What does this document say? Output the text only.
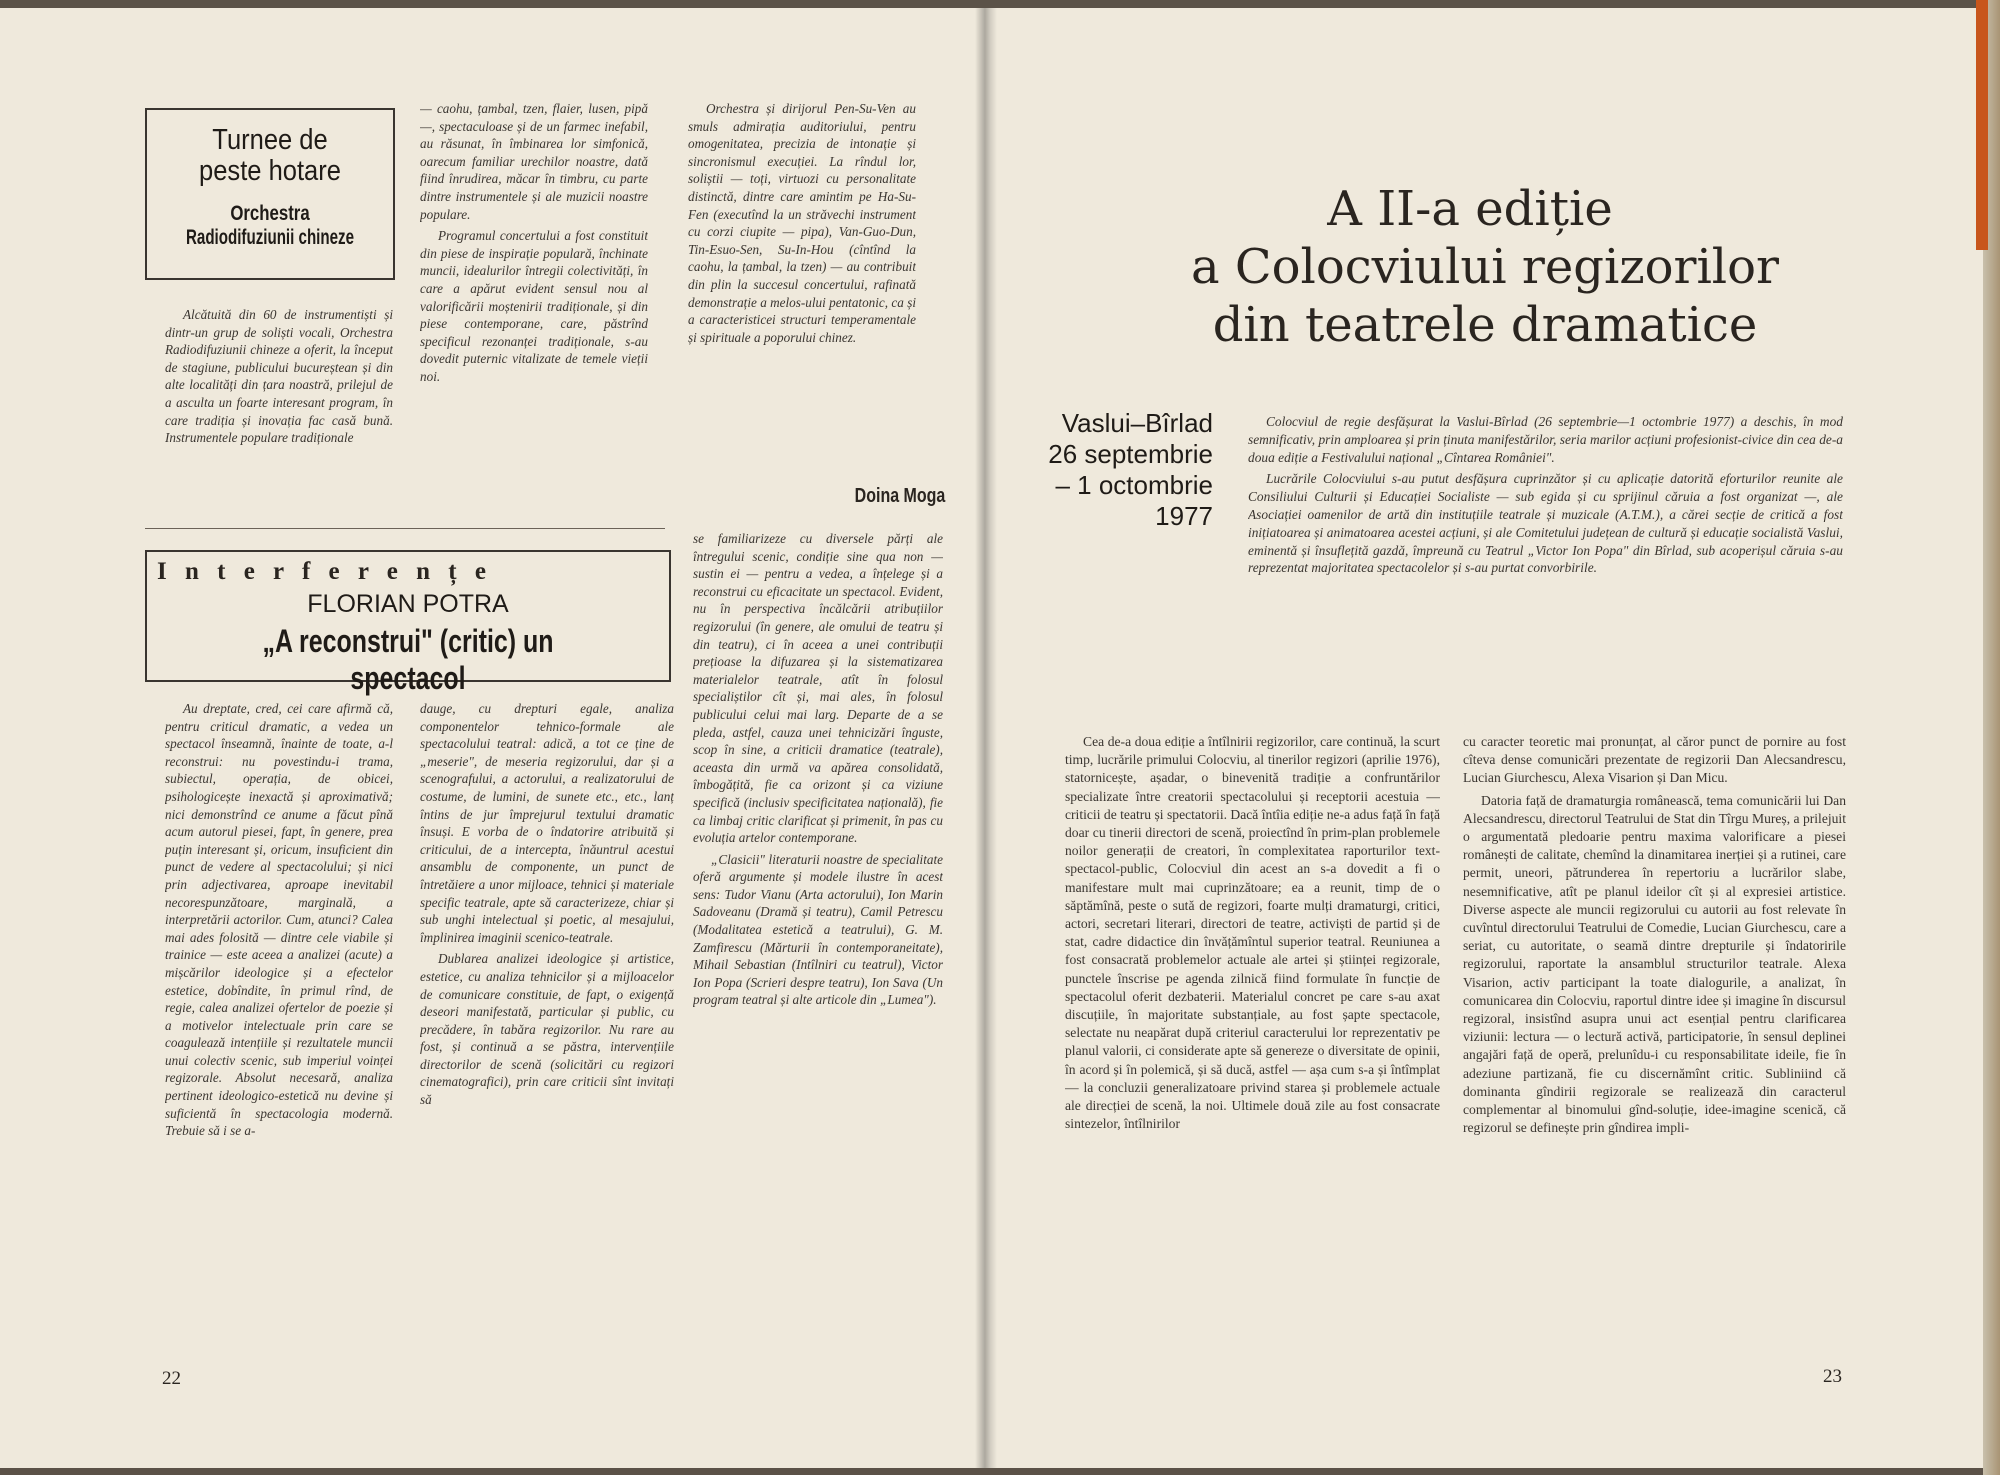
Turnee de
peste hotare
Orchestra
Radiodifuziunii chineze

Alcătuită din 60 de instrumentiști și dintr-un grup de soliști vocali, Orchestra Radiodifuziunii chineze a oferit, la început de stagiune, publicului bucureștean și din alte localități din țara noastră, prilejul de a asculta un foarte interesant program, în care tradiția și inovația fac casă bună. Instrumentele populare tradiționale

— caohu, țambal, tzen, flaier, lusen, pipă —, spectaculoase și de un farmec inefabil, au răsunat, în îmbinarea lor simfonică, oarecum familiar urechilor noastre, dată fiind înrudirea, măcar în timbru, cu parte dintre instrumentele și ale muzicii noastre populare.

Programul concertului a fost constituit din piese de inspirație populară, închinate muncii, idealurilor întregii colectivități, în care a apărut evident sensul nou al valorificării moștenirii tradiționale, și din piese contemporane, care, păstrînd specificul rezonanței tradiționale, s-au dovedit puternic vitalizate de temele vieții noi.

Orchestra și dirijorul Pen-Su-Ven au smuls admirația auditoriului, pentru omogenitatea, precizia de intonație și sincronismul execuției. La rîndul lor, soliștii — toți, virtuozi cu personalitate distinctă, dintre care amintim pe Ha-Su-Fen (executînd la un străvechi instrument cu corzi ciupite — pipa), Van-Guo-Dun, Tin-Esuo-Sen, Su-In-Hou (cîntînd la caohu, la țambal, la tzen) — au contribuit din plin la succesul concertului, rafinată demonstrație a melos-ului pentatonic, ca și a caracteristicei structuri temperamentale și spirituale a poporului chinez.

Doina Moga
I n t e r f e r e n ț e
FLORIAN POTRA
„A reconstrui" (critic) un spectacol

Au dreptate, cred, cei care afirmă că, pentru criticul dramatic, a vedea un spectacol înseamnă, înainte de toate, a-l reconstrui: nu povestindu-i trama, subiectul, operația, de obicei, psihologicește inexactă și aproximativă; nici demonstrînd ce anume a făcut pînă acum autorul piesei, fapt, în genere, prea puțin interesant și, oricum, insuficient din punct de vedere al spectacolului; și nici prin adjectivarea, aproape inevitabil necorespunzătoare, marginală, a interpretării actorilor. Cum, atunci? Calea mai ades folosită — dintre cele viabile și trainice — este aceea a analizei (acute) a mișcărilor ideologice și a efectelor estetice, dobîndite, în primul rînd, de regie, calea analizei ofertelor de poezie și a motivelor intelectuale prin care se coagulează intențiile și rezultatele muncii unui colectiv scenic, sub imperiul voinței regizorale. Absolut necesară, analiza pertinent ideologico-estetică nu devine și suficientă în spectacologia modernă. Trebuie să i se a-

dauge, cu drepturi egale, analiza componentelor tehnico-formale ale spectacolului teatral: adică, a tot ce ține de „meserie", de meseria regizorului, dar și a scenografului, a actorului, a realizatorului de costume, de lumini, de sunete etc., etc., lanț întins de jur împrejurul textului dramatic însuși. E vorba de o îndatorire atribuită și criticului, de a intercepta, înăuntrul acestui ansamblu de componente, un punct de întretăiere a unor mijloace, tehnici și materiale specific teatrale, apte să caracterizeze, chiar și sub unghi intelectual și poetic, al mesajului, împlinirea imaginii scenico-teatrale.

Dublarea analizei ideologice și artistice, estetice, cu analiza tehnicilor și a mijloacelor de comunicare constituie, de fapt, o exigență deseori manifestată, particular și public, cu precădere, în tabăra regizorilor. Nu rare au fost, și continuă a se păstra, intervențiile directorilor de scenă (solicitări cu regizori cinematografici), prin care criticii sînt invitați să

se familiarizeze cu diversele părți ale întregului scenic, condiție sine qua non — sustin ei — pentru a vedea, a înțelege și a reconstrui cu eficacitate un spectacol. Evident, nu în perspectiva încălcării atribuțiilor regizorului (în genere, ale omului de teatru și din teatru), ci în aceea a unei contribuții prețioase la difuzarea și la sistematizarea materialelor teatrale, atît în folosul specialiștilor cît și, mai ales, în folosul publicului celui mai larg. Departe de a se pleda, astfel, cauza unei tehnicizări înguste, scop în sine, a criticii dramatice (teatrale), aceasta din urmă va apărea consolidată, îmbogățită, fie ca orizont și ca viziune specifică (inclusiv specificitatea națională), fie ca limbaj critic clarificat și primenit, în pas cu evoluția artelor contemporane.

„Clasicii" literaturii noastre de specialitate oferă argumente și modele ilustre în acest sens: Tudor Vianu (Arta actorului), Ion Marin Sadoveanu (Dramă și teatru), Camil Petrescu (Modalitatea estetică a teatrului), G. M. Zamfirescu (Mărturii în contemporaneitate), Mihail Sebastian (Intîlniri cu teatrul), Victor Ion Popa (Scrieri despre teatru), Ion Sava (Un program teatral și alte articole din „Lumea").

22
A II-a ediție
a Colocviului regizorilor
din teatrele dramatice
Vaslui–Bîrlad
26 septembrie
– 1 octombrie
1977

Colocviul de regie desfășurat la Vaslui-Bîrlad (26 septembrie—1 octombrie 1977) a deschis, în mod semnificativ, prin amploarea și prin ținuta manifestărilor, seria marilor acțiuni profesionist-civice din cea de-a doua ediție a Festivalului național „Cîntarea României".

Lucrările Colocviului s-au putut desfășura cuprinzător și cu aplicație datorită eforturilor reunite ale Consiliului Culturii și Educației Socialiste — sub egida și cu sprijinul căruia a fost organizat —, ale Asociației oamenilor de artă din instituțiile teatrale și muzicale (A.T.M.), a cărei secție de critică a fost inițiatoarea și animatoarea acestei acțiuni, și ale Comitetului județean de cultură și educație socialistă Vaslui, eminentă și însuflețită gazdă, împreună cu Teatrul „Victor Ion Popa" din Bîrlad, sub acoperișul căruia s-au reprezentat majoritatea spectacolelor și s-au purtat convorbirile.

Cea de-a doua ediție a întîlnirii regizorilor, care continuă, la scurt timp, lucrările primului Colocviu, al tinerilor regizori (aprilie 1976), statornicește, așadar, o binevenită tradiție a confruntărilor specializate între creatorii spectacolului și receptorii acestuia — criticii de teatru și spectatorii. Dacă întîia ediție ne-a adus față în față doar cu tinerii directori de scenă, proiectînd în prim-plan problemele noilor generații de creatori, în complexitatea raporturilor text-spectacol-public, Colocviul din acest an s-a dovedit a fi o manifestare mult mai cuprinzătoare; ea a reunit, timp de o săptămînă, peste o sută de regizori, foarte mulți dramaturgi, critici, actori, secretari literari, directori de teatre, activiști de partid și de stat, cadre didactice din învățămîntul superior teatral. Reuniunea a fost consacrată problemelor actuale ale artei și științei regizorale, punctele înscrise pe agenda zilnică fiind formulate în funcție de spectacolul oferit dezbaterii. Materialul concret pe care s-au axat discuțiile, în majoritate substanțiale, au fost șapte spectacole, selectate nu neapărat după criteriul caracterului lor reprezentativ pe planul valorii, ci considerate apte să genereze o diversitate de opinii, în acord și în polemică, și să ducă, astfel — așa cum s-a și întîmplat — la concluzii generalizatoare privind starea și problemele actuale ale direcției de scenă, la noi. Ultimele două zile au fost consacrate sintezelor, întîlnirilor

cu caracter teoretic mai pronunțat, al căror punct de pornire au fost cîteva dense comunicări prezentate de regizorii Dan Alecsandrescu, Lucian Giurchescu, Alexa Visarion și Dan Micu.

Datoria față de dramaturgia românească, tema comunicării lui Dan Alecsandrescu, directorul Teatrului de Stat din Tîrgu Mureș, a prilejuit o argumentată pledoarie pentru maxima valorificare a piesei românești de calitate, chemînd la dinamitarea inerției și a rutinei, care permit, uneori, pătrunderea în repertoriu a lucrărilor slabe, nesemnificative, atît pe planul ideilor cît și al expresiei artistice. Diverse aspecte ale muncii regizorului cu autorii au fost relevate în cuvîntul directorului Teatrului de Comedie, Lucian Giurchescu, care a seriat, cu autoritate, o seamă dintre drepturile și îndatoririle regizorului, raportate la ansamblul structurilor teatrale. Alexa Visarion, activ participant la toate dialogurile, a analizat, în comunicarea din Colocviu, raportul dintre idee și imagine în discursul regizoral, insistînd asupra unui act esențial pentru clarificarea viziunii: lectura — o lectură activă, participatorie, în sensul deplinei angajări față de operă, prelunîdu-i cu responsabilitate ideile, fie în adeziune partizană, fie cu discernămînt critic. Subliniind că dominanta gîndirii regizorale se realizează din caracterul complementar al binomului gînd-soluție, idee-imagine scenică, că regizorul se definește prin gîndirea impli-

23
